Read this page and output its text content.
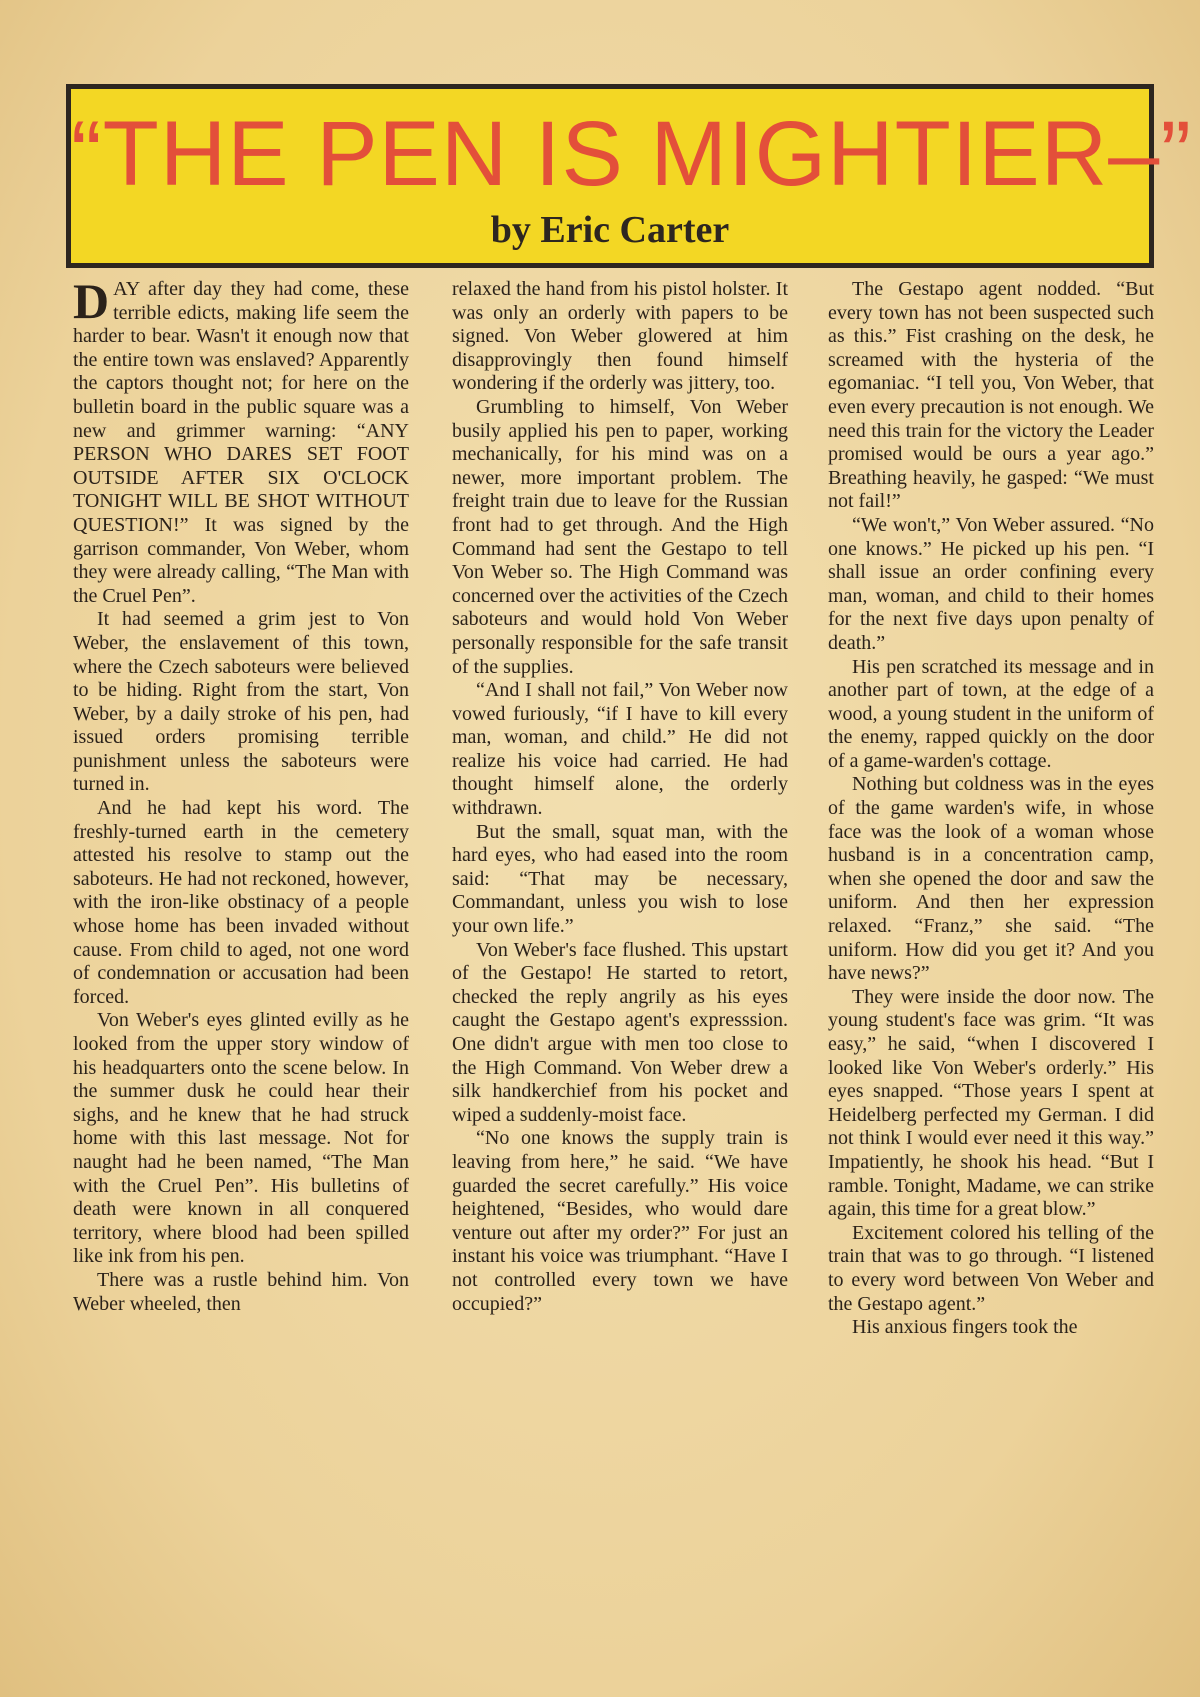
“THE PEN IS MIGHTIER–”
by Eric Carter

DAY after day they had come, these terrible edicts, making life seem the harder to bear. Wasn't it enough now that the entire town was enslaved? Apparently the captors thought not; for here on the bulletin board in the public square was a new and grimmer warning: “ANY PERSON WHO DARES SET FOOT OUTSIDE AFTER SIX O'CLOCK TONIGHT WILL BE SHOT WITHOUT QUESTION!” It was signed by the garrison commander, Von Weber, whom they were already calling, “The Man with the Cruel Pen”.

It had seemed a grim jest to Von Weber, the enslavement of this town, where the Czech saboteurs were believed to be hiding. Right from the start, Von Weber, by a daily stroke of his pen, had issued orders promising terrible punishment unless the saboteurs were turned in.

And he had kept his word. The freshly-turned earth in the cemetery attested his resolve to stamp out the saboteurs. He had not reckoned, however, with the iron-like obstinacy of a people whose home has been invaded without cause. From child to aged, not one word of condemnation or accusation had been forced.

Von Weber's eyes glinted evilly as he looked from the upper story window of his headquarters onto the scene below. In the summer dusk he could hear their sighs, and he knew that he had struck home with this last message. Not for naught had he been named, “The Man with the Cruel Pen”. His bulletins of death were known in all conquered territory, where blood had been spilled like ink from his pen.

There was a rustle behind him. Von Weber wheeled, then

relaxed the hand from his pistol holster. It was only an orderly with papers to be signed. Von Weber glowered at him disapprovingly then found himself wondering if the orderly was jittery, too.

Grumbling to himself, Von Weber busily applied his pen to paper, working mechanically, for his mind was on a newer, more important problem. The freight train due to leave for the Russian front had to get through. And the High Command had sent the Gestapo to tell Von Weber so. The High Command was concerned over the activities of the Czech saboteurs and would hold Von Weber personally responsible for the safe transit of the supplies.

“And I shall not fail,” Von Weber now vowed furiously, “if I have to kill every man, woman, and child.” He did not realize his voice had carried. He had thought himself alone, the orderly withdrawn.

But the small, squat man, with the hard eyes, who had eased into the room said: “That may be necessary, Commandant, unless you wish to lose your own life.”

Von Weber's face flushed. This upstart of the Gestapo! He started to retort, checked the reply angrily as his eyes caught the Gestapo agent's expresssion. One didn't argue with men too close to the High Command. Von Weber drew a silk handkerchief from his pocket and wiped a suddenly-moist face.

“No one knows the supply train is leaving from here,” he said. “We have guarded the secret carefully.” His voice heightened, “Besides, who would dare venture out after my order?” For just an instant his voice was triumphant. “Have I not controlled every town we have occupied?”

The Gestapo agent nodded. “But every town has not been suspected such as this.” Fist crashing on the desk, he screamed with the hysteria of the egomaniac. “I tell you, Von Weber, that even every precaution is not enough. We need this train for the victory the Leader promised would be ours a year ago.” Breathing heavily, he gasped: “We must not fail!”

“We won't,” Von Weber assured. “No one knows.” He picked up his pen. “I shall issue an order confining every man, woman, and child to their homes for the next five days upon penalty of death.”

His pen scratched its message and in another part of town, at the edge of a wood, a young student in the uniform of the enemy, rapped quickly on the door of a game-warden's cottage.

Nothing but coldness was in the eyes of the game warden's wife, in whose face was the look of a woman whose husband is in a concentration camp, when she opened the door and saw the uniform. And then her expression relaxed. “Franz,” she said. “The uniform. How did you get it? And you have news?”

They were inside the door now. The young student's face was grim. “It was easy,” he said, “when I discovered I looked like Von Weber's orderly.” His eyes snapped. “Those years I spent at Heidelberg perfected my German. I did not think I would ever need it this way.” Impatiently, he shook his head. “But I ramble. Tonight, Madame, we can strike again, this time for a great blow.”

Excitement colored his telling of the train that was to go through. “I listened to every word between Von Weber and the Gestapo agent.”

His anxious fingers took the
